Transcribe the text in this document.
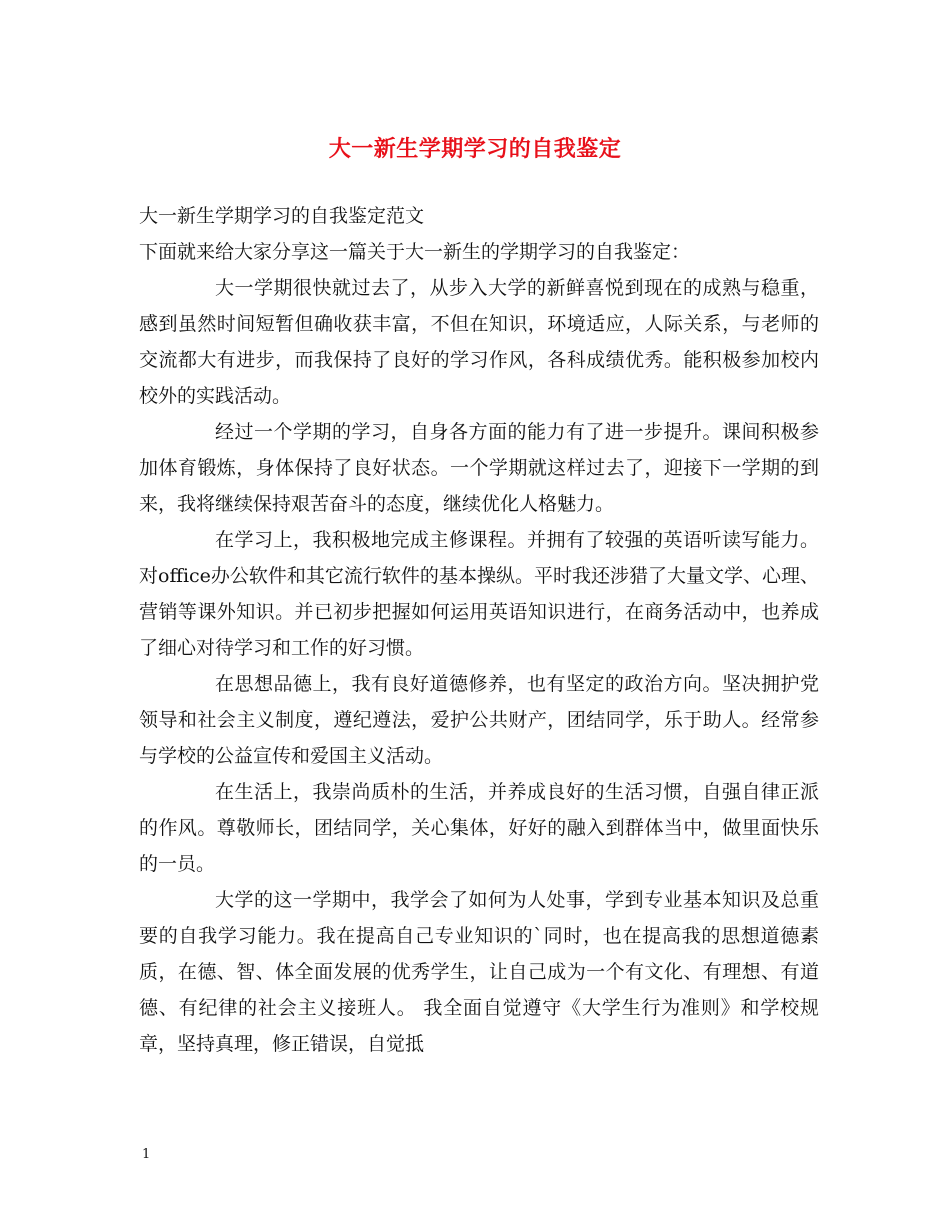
大一新生学期学习的自我鉴定

大一新生学期学习的自我鉴定范文

下面就来给大家分享这一篇关于大一新生的学期学习的自我鉴定：

大一学期很快就过去了，从步入大学的新鲜喜悦到现在的成熟与稳重，感到虽然时间短暂但确收获丰富，不但在知识，环境适应，人际关系，与老师的交流都大有进步，而我保持了良好的学习作风，各科成绩优秀。能积极参加校内校外的实践活动。

经过一个学期的学习，自身各方面的能力有了进一步提升。课间积极参加体育锻炼，身体保持了良好状态。一个学期就这样过去了，迎接下一学期的到来，我将继续保持艰苦奋斗的态度，继续优化人格魅力。

在学习上，我积极地完成主修课程。并拥有了较强的英语听读写能力。对office办公软件和其它流行软件的基本操纵。平时我还涉猎了大量文学、心理、营销等课外知识。并已初步把握如何运用英语知识进行，在商务活动中，也养成了细心对待学习和工作的好习惯。

在思想品德上，我有良好道德修养，也有坚定的政治方向。坚决拥护党领导和社会主义制度，遵纪遵法，爱护公共财产，团结同学，乐于助人。经常参与学校的公益宣传和爱国主义活动。

在生活上，我崇尚质朴的生活，并养成良好的生活习惯，自强自律正派的作风。尊敬师长，团结同学，关心集体，好好的融入到群体当中，做里面快乐的一员。

大学的这一学期中，我学会了如何为人处事，学到专业基本知识及总重要的自我学习能力。我在提高自己专业知识的`同时，也在提高我的思想道德素质，在德、智、体全面发展的优秀学生，让自己成为一个有文化、有理想、有道德、有纪律的社会主义接班人。 我全面自觉遵守《大学生行为准则》和学校规章，坚持真理，修正错误，自觉抵

1
